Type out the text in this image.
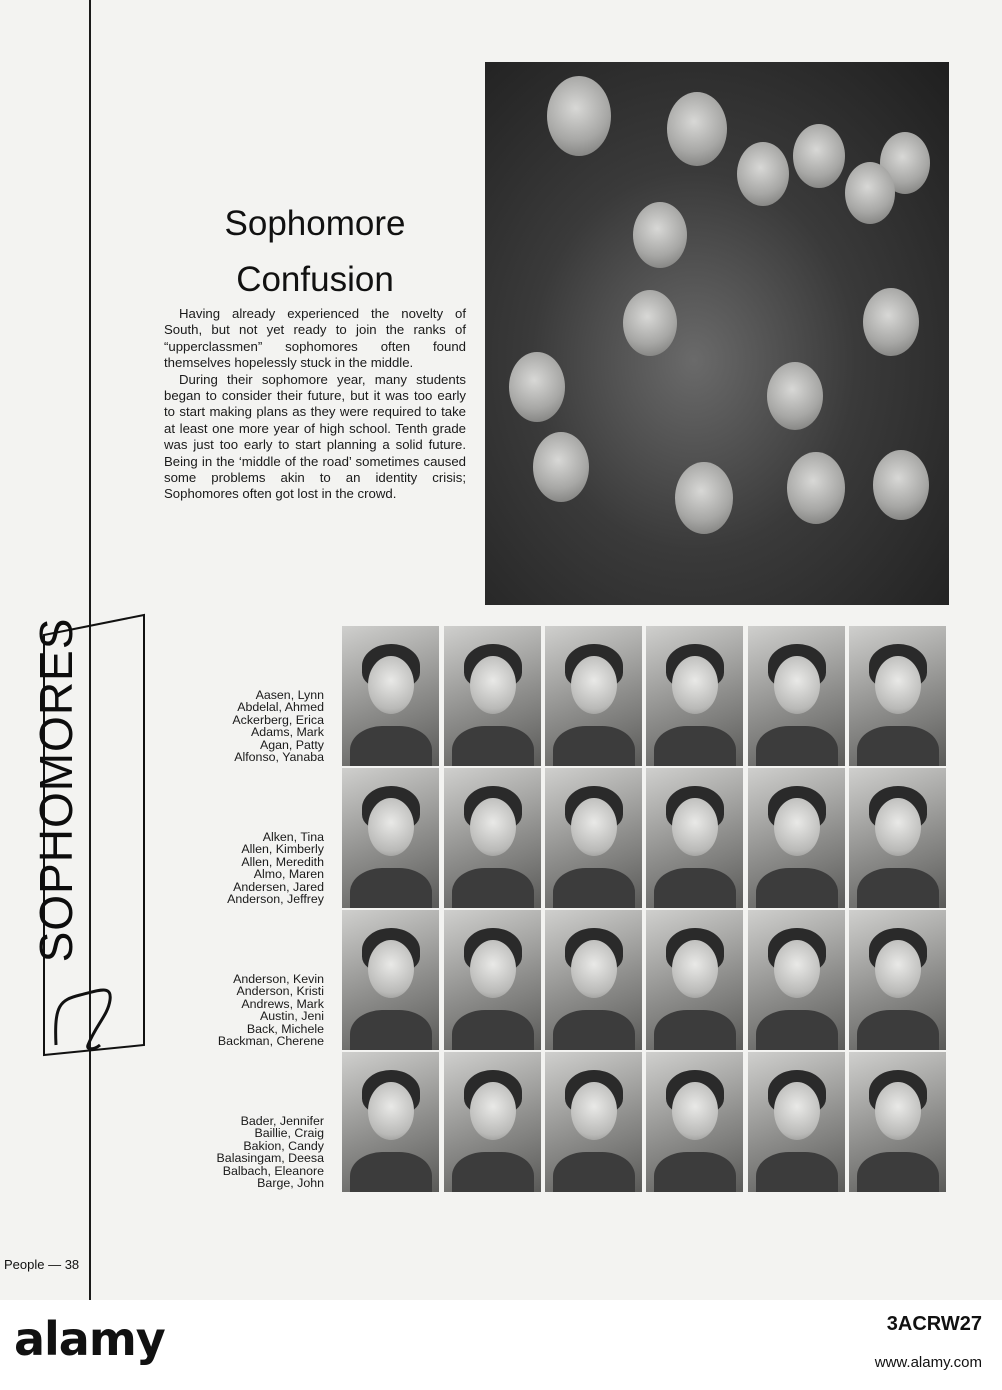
Sophomore
Confusion

Having already experienced the novelty of South, but not yet ready to join the ranks of “upperclassmen” sophomores often found themselves hopelessly stuck in the middle.

During their sophomore year, many students began to consider their future, but it was too early to start making plans as they were required to take at least one more year of high school. Tenth grade was just too early to start planning a solid future. Being in the ‘middle of the road’ sometimes caused some problems akin to an identity crisis; Sophomores often got lost in the crowd.

SOPHOMORES	Aasen, Lynn
Abdelal, Ahmed
Ackerberg, Erica
Adams, Mark
Agan, Patty
Alfonso, Yanaba
Alken, Tina
Allen, Kimberly
Allen, Meredith
Almo, Maren
Andersen, Jared
Anderson, Jeffrey
Anderson, Kevin
Anderson, Kristi
Andrews, Mark
Austin, Jeni
Back, Michele
Backman, Cherene
Bader, Jennifer
Baillie, Craig
Bakion, Candy
Balasingam, Deesa
Balbach, Eleanore
Barge, John
People — 38
alamy	3ACRW27
www.alamy.com
